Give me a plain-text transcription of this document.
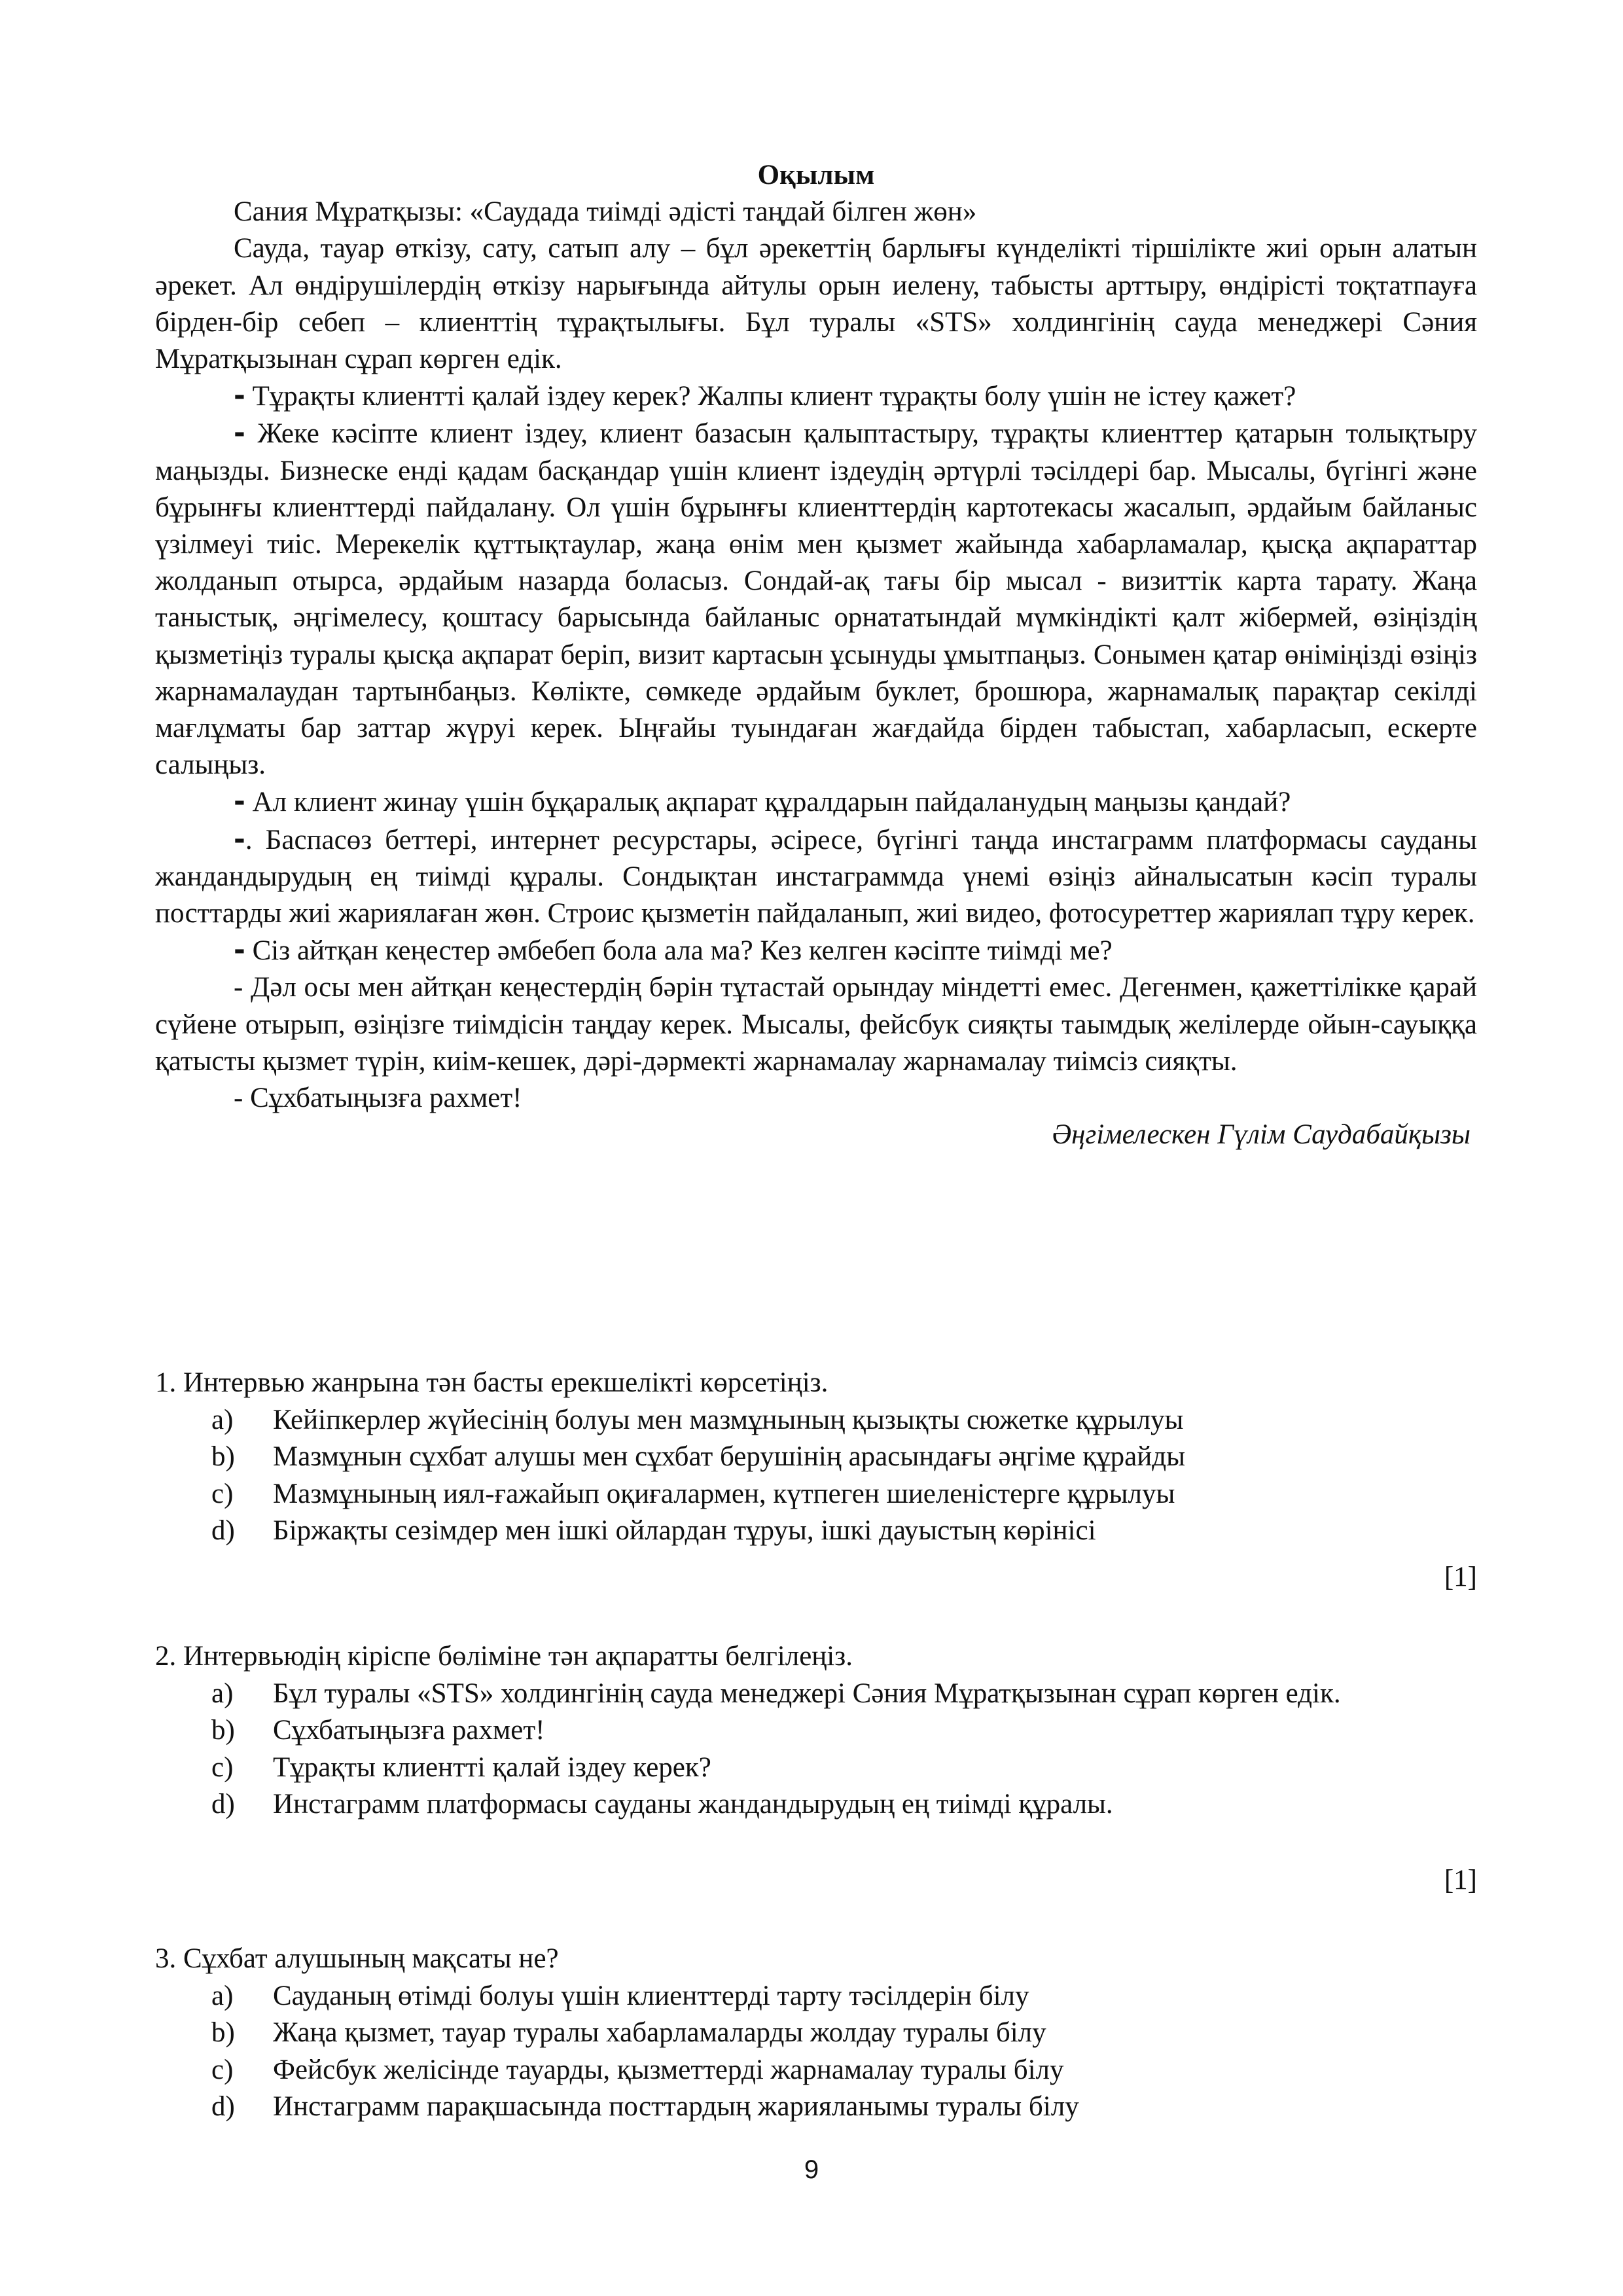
Оқылым

Сания Мұратқызы: «Саудада тиімді әдісті таңдай білген жөн»

Сауда, тауар өткізу, сату, сатып алу – бұл әрекеттің барлығы күнделікті тіршілікте жиі орын алатын әрекет. Ал өндірушілердің өткізу нарығында айтулы орын иелену, табысты арттыру, өндірісті тоқтатпауға бірден-бір себеп – клиенттің тұрақтылығы. Бұл туралы «STS» холдингінің сауда менеджері Сәния Мұратқызынан сұрап көрген едік.

- Тұрақты клиентті қалай іздеу керек? Жалпы клиент тұрақты болу үшін не істеу қажет?

- Жеке кәсіпте клиент іздеу, клиент базасын қалыптастыру, тұрақты клиенттер қатарын толықтыру маңызды. Бизнеске енді қадам басқандар үшін клиент іздеудің әртүрлі тәсілдері бар. Мысалы, бүгінгі және бұрынғы клиенттерді пайдалану. Ол үшін бұрынғы клиенттердің картотекасы жасалып, әрдайым байланыс үзілмеуі тиіс. Мерекелік құттықтаулар, жаңа өнім мен қызмет жайында хабарламалар, қысқа ақпараттар жолданып отырса, әрдайым назарда боласыз. Сондай-ақ тағы бір мысал - визиттік карта тарату. Жаңа таныстық, әңгімелесу, қоштасу барысында байланыс орнататындай мүмкіндікті қалт жібермей, өзіңіздің қызметіңіз туралы қысқа ақпарат беріп, визит картасын ұсынуды ұмытпаңыз. Сонымен қатар өніміңізді өзіңіз жарнамалаудан тартынбаңыз. Көлікте, сөмкеде әрдайым буклет, брошюра, жарнамалық парақтар секілді мағлұматы бар заттар жүруі керек. Ыңғайы туындаған жағдайда бірден табыстап, хабарласып, ескерте салыңыз.

- Ал клиент жинау үшін бұқаралық ақпарат құралдарын пайдаланудың маңызы қандай?

-. Баспасөз беттері, интернет ресурстары, әсіресе, бүгінгі таңда инстаграмм платформасы сауданы жандандырудың ең тиімді құралы. Сондықтан инстаграммда үнемі өзіңіз айналысатын кәсіп туралы посттарды жиі жариялаған жөн. Строис қызметін пайдаланып, жиі видео, фотосуреттер жариялап тұру керек.

- Сіз айтқан кеңестер әмбебеп бола ала ма? Кез келген кәсіпте тиімді ме?

- Дәл осы мен айтқан кеңестердің бәрін тұтастай орындау міндетті емес. Дегенмен, қажеттілікке қарай сүйене отырып, өзіңізге тиімдісін таңдау керек. Мысалы, фейсбук сияқты таымдық желілерде ойын-сауыққа қатысты қызмет түрін, киім-кешек, дәрі-дәрмекті жарнамалау жарнамалау тиімсіз сияқты.

- Сұхбатыңызға рахмет!

Әңгімелескен Гүлім Саудабайқызы

1. Интервью жанрына тән басты ерекшелікті көрсетіңіз.

a)	Кейіпкерлер жүйесінің болуы мен мазмұнының қызықты сюжетке құрылуы
b)	Мазмұнын сұхбат алушы мен сұхбат берушінің арасындағы әңгіме құрайды
c)	Мазмұнының иял-ғажайып оқиғалармен, күтпеген шиеленістерге құрылуы
d)	Біржақты сезімдер мен ішкі ойлардан тұруы, ішкі дауыстың көрінісі
[1]

2. Интервьюдің кіріспе бөліміне тән ақпаратты белгілеңіз.

a)	Бұл туралы «STS» холдингінің сауда менеджері Сәния Мұратқызынан сұрап көрген едік.
b)	Сұхбатыңызға рахмет!
c)	Тұрақты клиентті қалай іздеу керек?
d)	Инстаграмм платформасы сауданы жандандырудың ең тиімді құралы.
[1]

3. Сұхбат алушының мақсаты не?

a)	Сауданың өтімді болуы үшін клиенттерді тарту тәсілдерін білу
b)	Жаңа қызмет, тауар туралы хабарламаларды жолдау туралы білу
c)	Фейсбук желісінде тауарды, қызметтерді жарнамалау туралы білу
d)	Инстаграмм парақшасында посттардың жарияланымы туралы білу
9
